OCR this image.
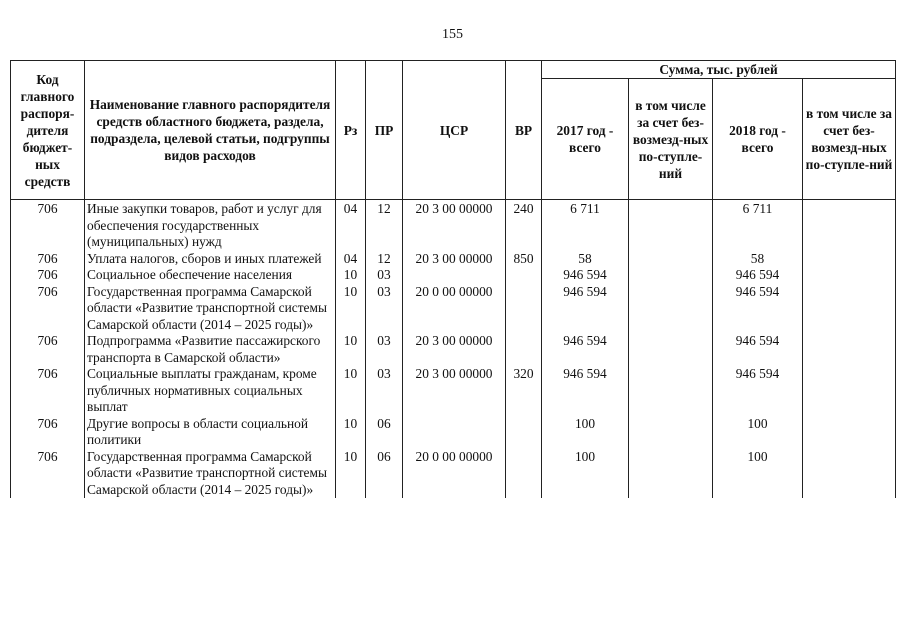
155
Код главного распоря-дителя бюджет-ных средств	Наименование главного распорядителя средств областного бюджета, раздела, подраздела, целевой статьи, подгруппы видов расходов	Рз	ПР	ЦСР	ВР	Сумма, тыс. рублей			
						2017 год - всего	в том числе за счет без-возмезд-ных по-ступле-ний	2018 год - всего	в том числе за счет без-возмезд-ных по-ступле-ний
706	Иные закупки товаров, работ и услуг для обеспечения государственных (муниципальных) нужд	04	12	20 3 00 00000	240	6 711		6 711	
706	Уплата налогов, сборов и иных платежей	04	12	20 3 00 00000	850	58		58	
706	Социальное обеспечение населения	10	03			946 594		946 594	
706	Государственная программа Самарской области «Развитие транспортной системы Самарской области (2014 – 2025 годы)»	10	03	20 0 00 00000		946 594		946 594	
706	Подпрограмма «Развитие пассажирского транспорта в Самарской области»	10	03	20 3 00 00000		946 594		946 594	
706	Социальные выплаты гражданам, кроме публичных нормативных социальных выплат	10	03	20 3 00 00000	320	946 594		946 594	
706	Другие вопросы в области социальной политики	10	06			100		100	
706	Государственная программа Самарской области «Развитие транспортной системы Самарской области (2014 – 2025 годы)»	10	06	20 0 00 00000		100		100	
